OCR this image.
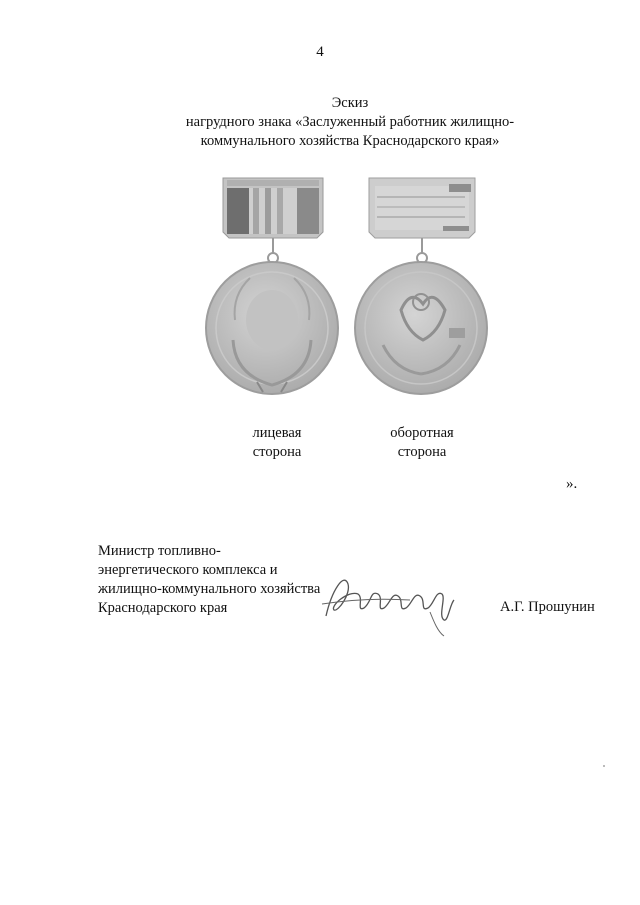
4
Эскиз
нагрудного знака «Заслуженный работник жилищно-
коммунального хозяйства Краснодарского края»
лицевая
сторона
оборотная
сторона
».
Министр топливно-
энергетического комплекса и
жилищно-коммунального хозяйства
Краснодарского края	А.Г. Прошунин
